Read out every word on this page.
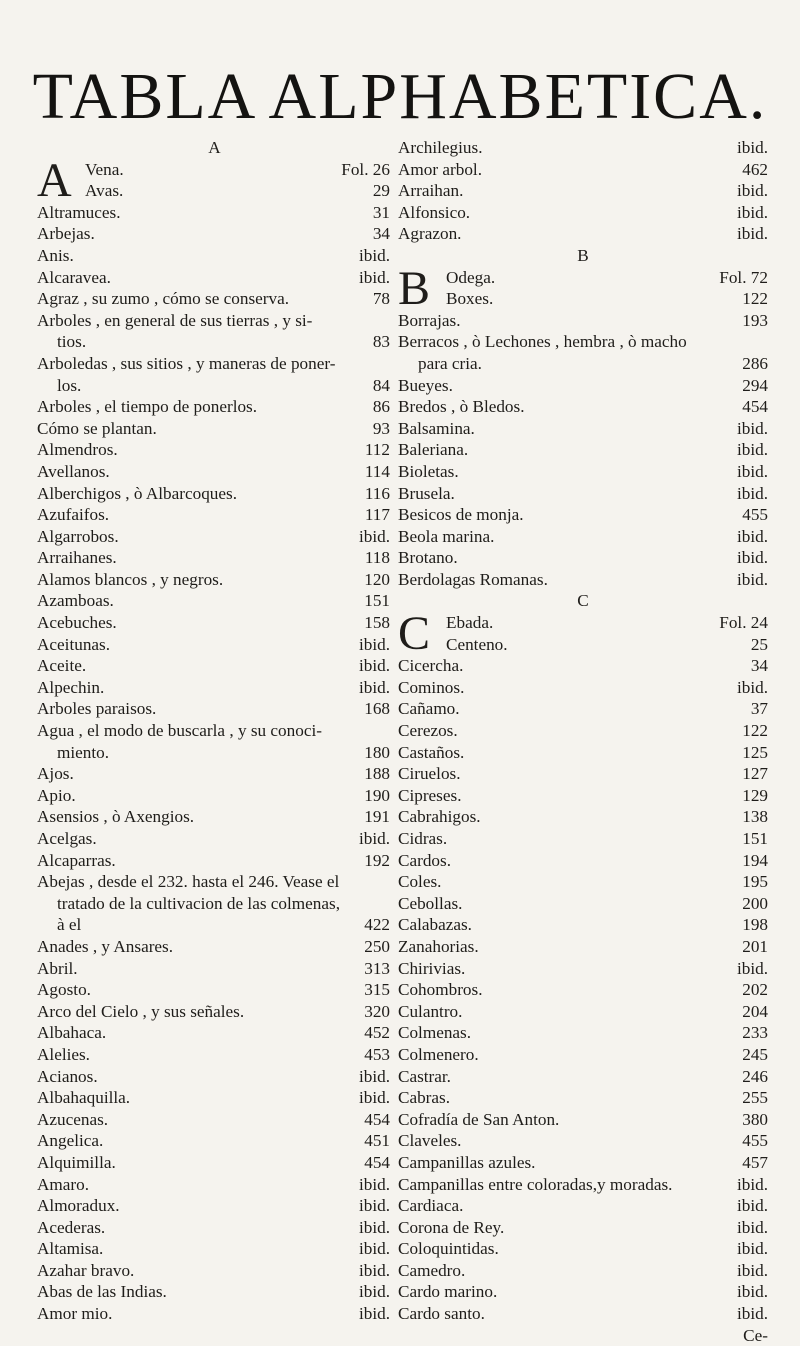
TABLA ALPHABETICA.
A
A Vena.	Fol. 26
Avas.	29
Altramuces.	31
Arbejas.	34
Anis.	ibid.
Alcaravea.	ibid.
Agraz , su zumo , cómo se conserva.	78
Arboles , en general de sus tierras , y si-
tios.	83
Arboledas , sus sitios , y maneras de poner-
los.	84
Arboles , el tiempo de ponerlos.	86
Cómo se plantan.	93
Almendros.	112
Avellanos.	114
Alberchigos , ò Albarcoques.	116
Azufaifos.	117
Algarrobos.	ibid.
Arraihanes.	118
Alamos blancos , y negros.	120
Azamboas.	151
Acebuches.	158
Aceitunas.	ibid.
Aceite.	ibid.
Alpechin.	ibid.
Arboles paraisos.	168
Agua , el modo de buscarla , y su conoci-
miento.	180
Ajos.	188
Apio.	190
Asensios , ò Axengios.	191
Acelgas.	ibid.
Alcaparras.	192
Abejas , desde el 232. hasta el 246. Vease el
tratado de la cultivacion de las colmenas,
à el	422
Anades , y Ansares.	250
Abril.	313
Agosto.	315
Arco del Cielo , y sus señales.	320
Albahaca.	452
Alelies.	453
Acianos.	ibid.
Albahaquilla.	ibid.
Azucenas.	454
Angelica.	451
Alquimilla.	454
Amaro.	ibid.
Almoradux.	ibid.
Acederas.	ibid.
Altamisa.	ibid.
Azahar bravo.	ibid.
Abas de las Indias.	ibid.
Amor mio.	ibid.
Archilegius.	ibid.
Amor arbol.	462
Arraihan.	ibid.
Alfonsico.	ibid.
Agrazon.	ibid.
B
B Odega.	Fol. 72
Boxes.	122
Borrajas.	193
Berracos , ò Lechones , hembra , ò macho
para cria.	286
Bueyes.	294
Bredos , ò Bledos.	454
Balsamina.	ibid.
Baleriana.	ibid.
Bioletas.	ibid.
Brusela.	ibid.
Besicos de monja.	455
Beola marina.	ibid.
Brotano.	ibid.
Berdolagas Romanas.	ibid.
C
C Ebada.	Fol. 24
Centeno.	25
Cicercha.	34
Cominos.	ibid.
Cañamo.	37
Cerezos.	122
Castaños.	125
Ciruelos.	127
Cipreses.	129
Cabrahigos.	138
Cidras.	151
Cardos.	194
Coles.	195
Cebollas.	200
Calabazas.	198
Zanahorias.	201
Chirivias.	ibid.
Cohombros.	202
Culantro.	204
Colmenas.	233
Colmenero.	245
Castrar.	246
Cabras.	255
Cofradía de San Anton.	380
Claveles.	455
Campanillas azules.	457
Campanillas entre coloradas,y moradas.	ibid.
Cardiaca.	ibid.
Corona de Rey.	ibid.
Coloquintidas.	ibid.
Camedro.	ibid.
Cardo marino.	ibid.
Cardo santo.	ibid.
Ce-
